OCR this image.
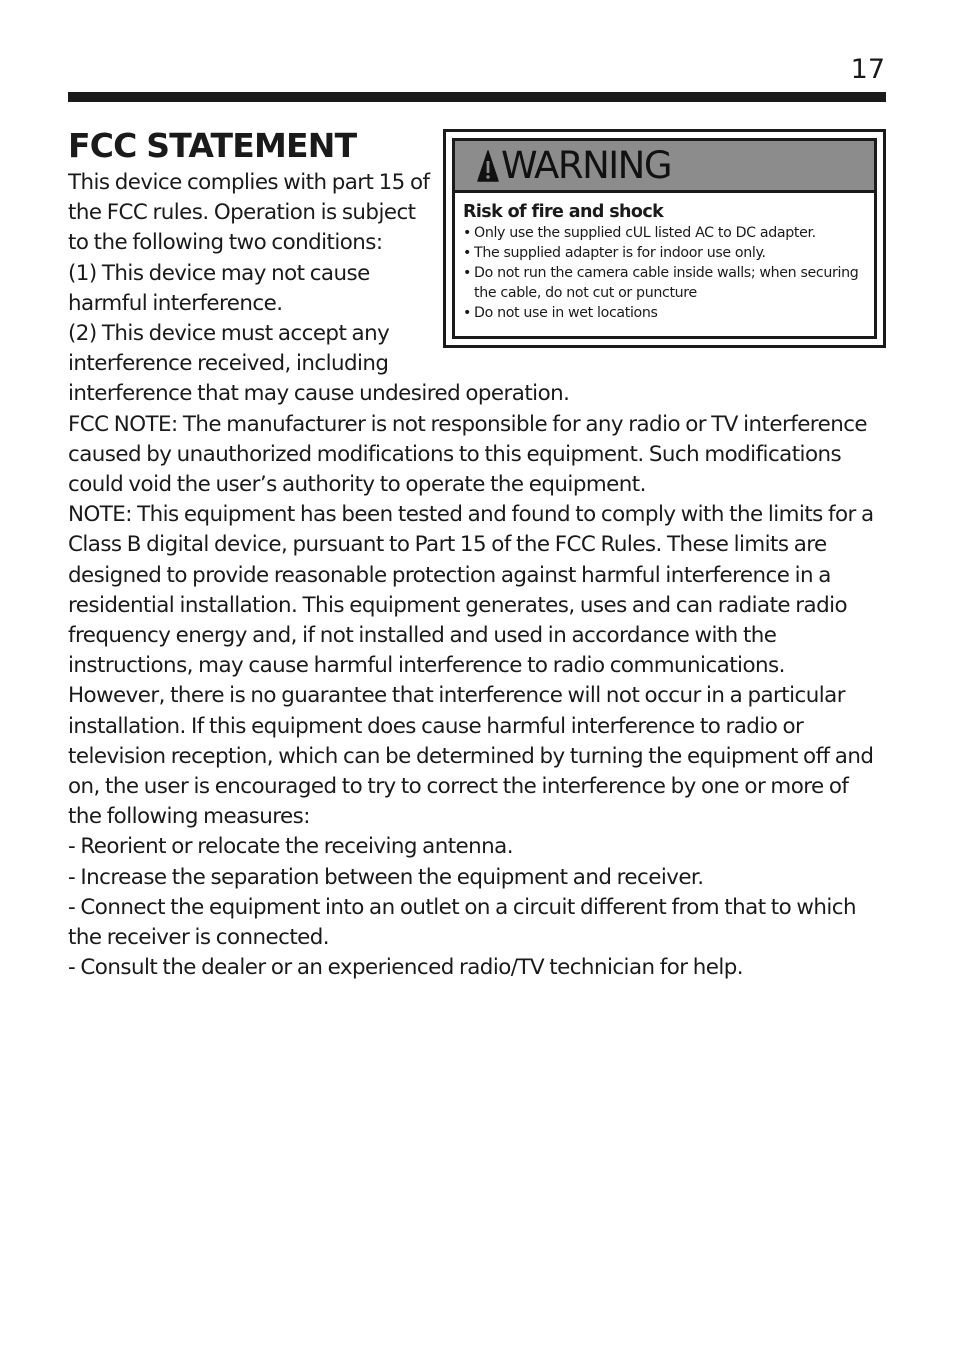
17
WARNING
Risk of fire and shock
• Only use the supplied cUL listed AC to DC adapter.
• The supplied adapter is for indoor use only.
• Do not run the camera cable inside walls; when securing the cable, do not cut or puncture
• Do not use in wet locations
FCC STATEMENT

This device complies with part 15 of the FCC rules. Operation is subject to the following two conditions:

(1) This device may not cause harmful interference.

(2) This device must accept any interference received, including interference that may cause undesired operation.

FCC NOTE: The manufacturer is not responsible for any radio or TV interference caused by unauthorized modifications to this equipment. Such modifications could void the user’s authority to operate the equipment.

NOTE: This equipment has been tested and found to comply with the limits for a Class B digital device, pursuant to Part 15 of the FCC Rules. These limits are designed to provide reasonable protection against harmful interference in a residential installation. This equipment generates, uses and can radiate radio frequency energy and, if not installed and used in accordance with the instructions, may cause harmful interference to radio communications. However, there is no guarantee that interference will not occur in a particular installation. If this equipment does cause harmful interference to radio or television reception, which can be determined by turning the equipment off and on, the user is encouraged to try to correct the interference by one or more of the following measures:

- Reorient or relocate the receiving antenna.

- Increase the separation between the equipment and receiver.

- Connect the equipment into an outlet on a circuit different from that to which the receiver is connected.

- Consult the dealer or an experienced radio/TV technician for help.
